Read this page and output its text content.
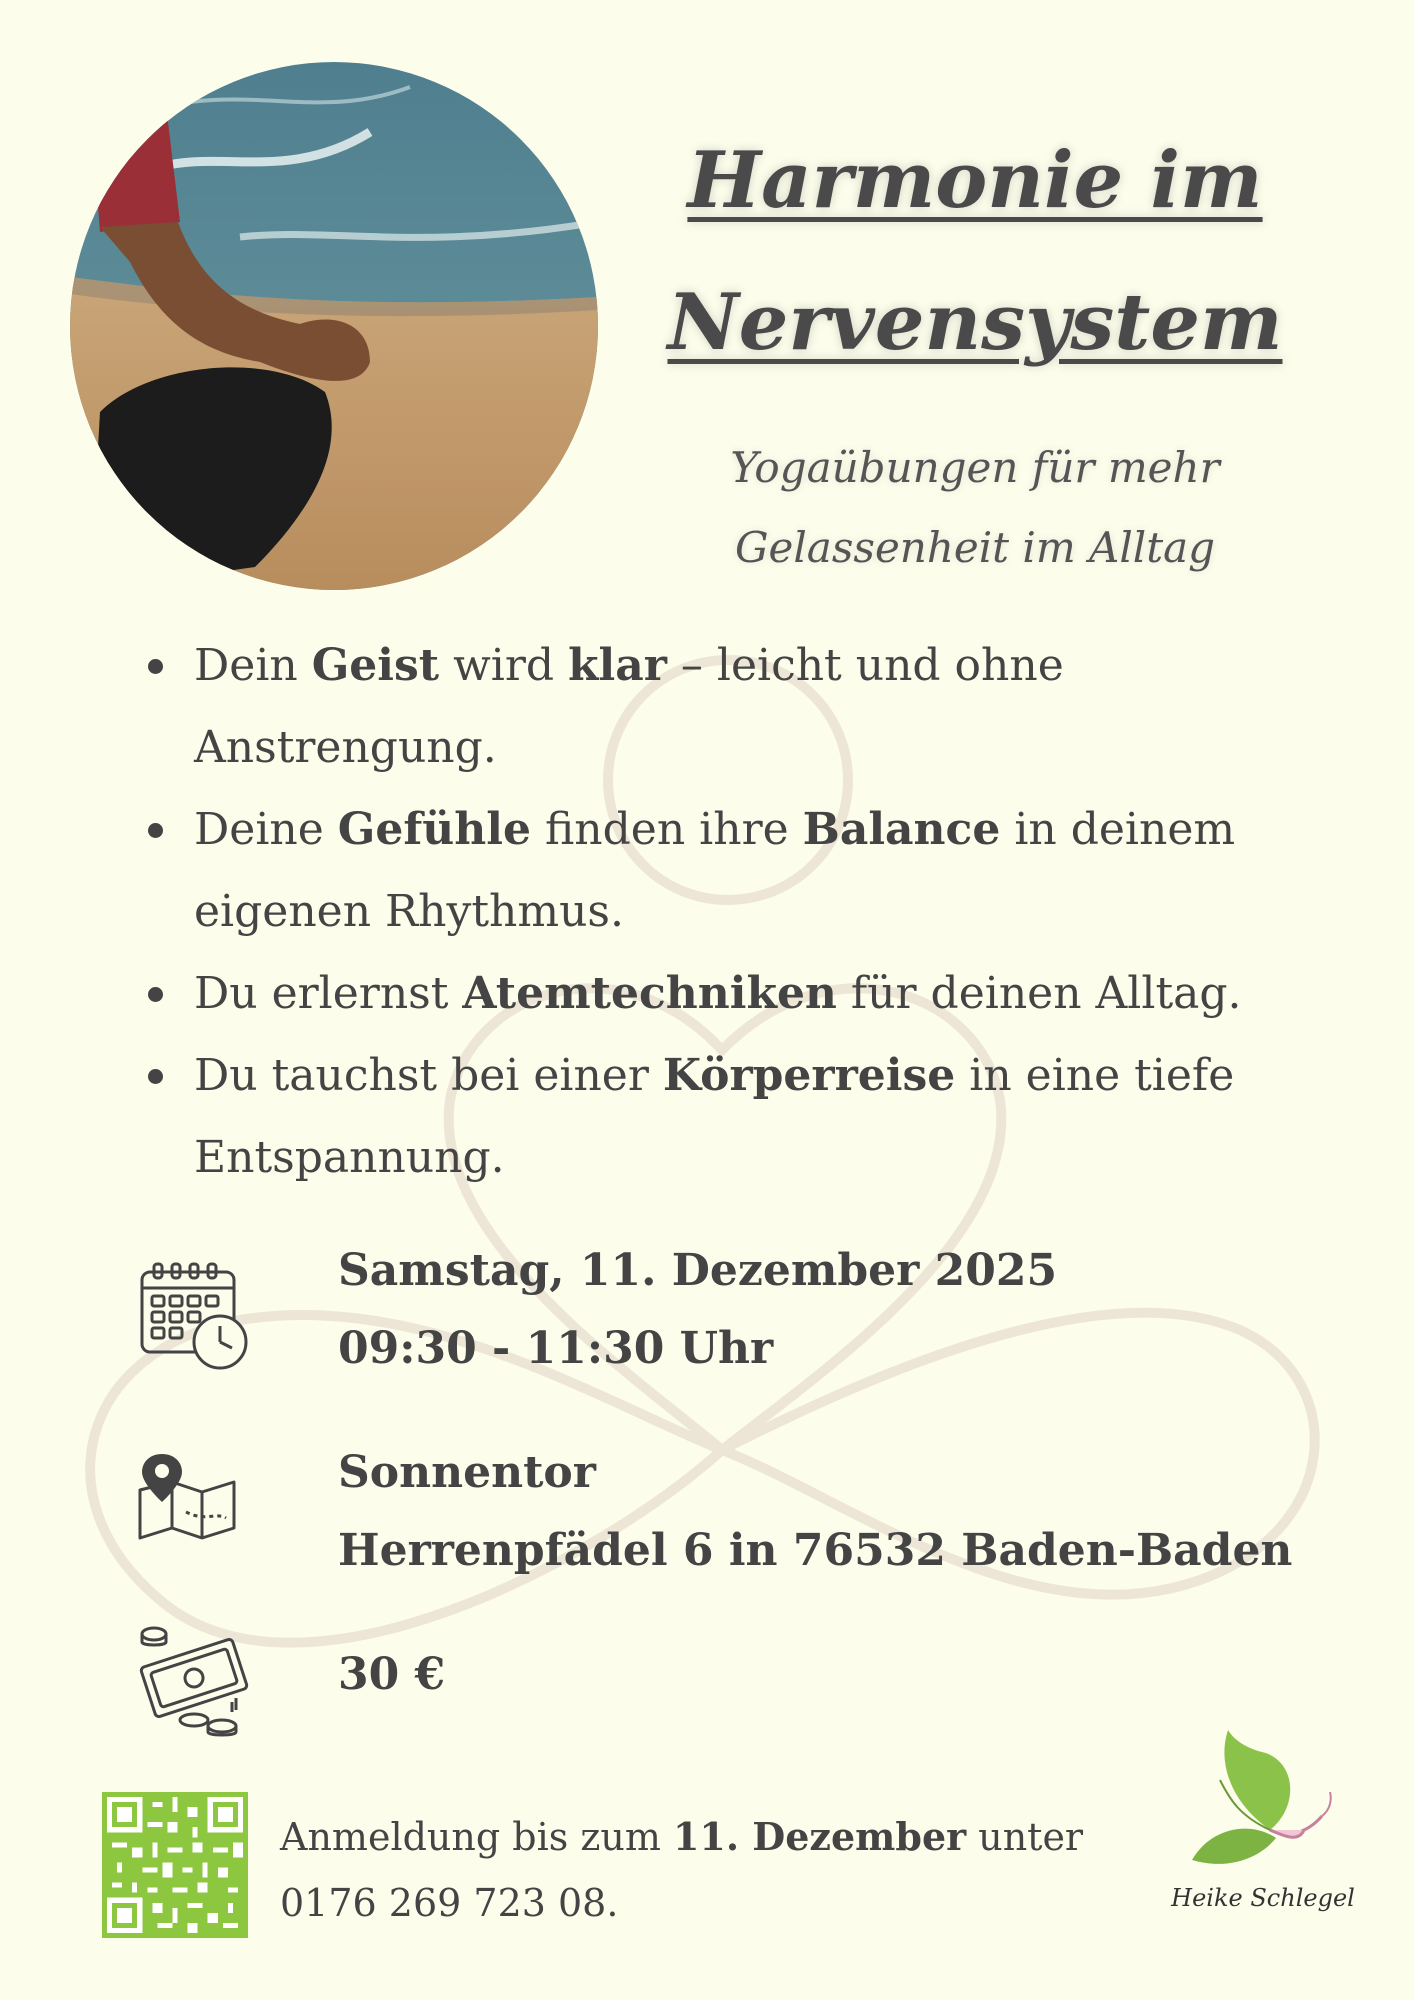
Harmonie im
Nervensystem
Yogaübungen für mehr
Gelassenheit im Alltag
Dein Geist wird klar – leicht und ohne Anstrengung.
Deine Gefühle finden ihre Balance in deinem eigenen Rhythmus.
Du erlernst Atemtechniken für deinen Alltag.
Du tauchst bei einer Körperreise in eine tiefe Entspannung.
Samstag, 11. Dezember 2025
09:30 - 11:30 Uhr
Sonnentor
Herrenpfädel 6 in 76532 Baden-Baden
30 €
Anmeldung bis zum 11. Dezember unter
0176 269 723 08.	Heike Schlegel
